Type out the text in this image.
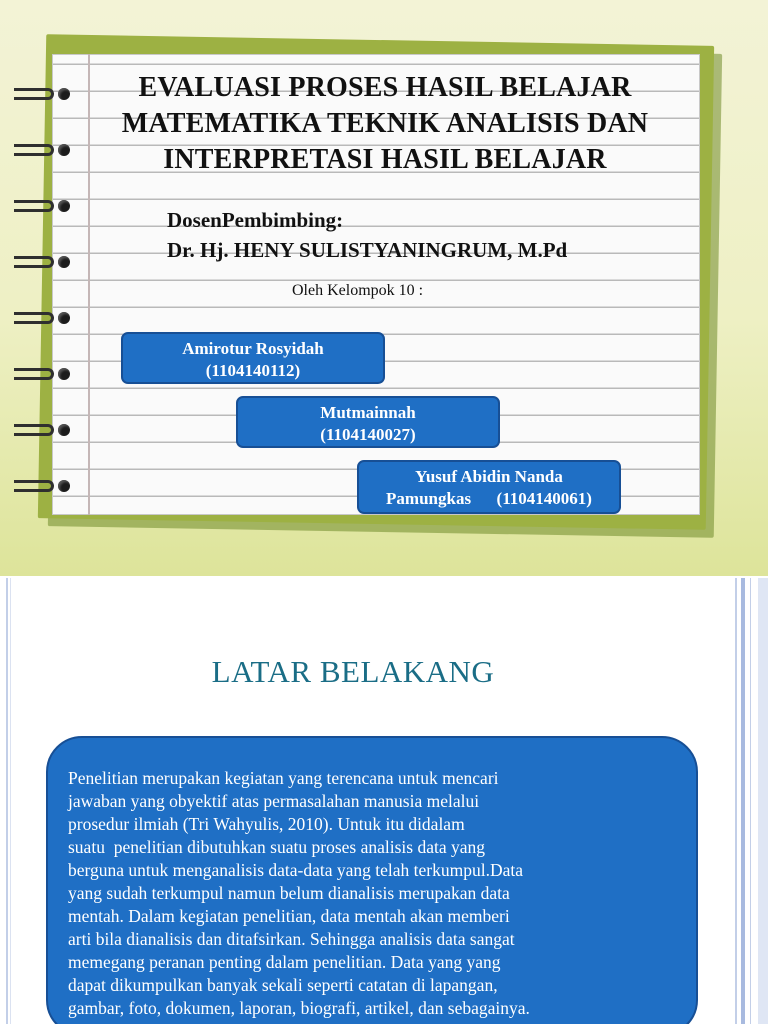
EVALUASI PROSES HASIL BELAJAR
MATEMATIKA TEKNIK ANALISIS DAN
INTERPRETASI HASIL BELAJAR
DosenPembimbing:
Dr. Hj. HENY SULISTYANINGRUM, M.Pd
Oleh Kelompok 10 :
Amirotur Rosyidah
(1104140112)
Mutmainnah
(1104140027)
Yusuf Abidin Nanda
Pamungkas      (1104140061)
LATAR BELAKANG
Penelitian merupakan kegiatan yang terencana untuk mencari
jawaban yang obyektif atas permasalahan manusia melalui
prosedur ilmiah (Tri Wahyulis, 2010). Untuk itu didalam
suatu  penelitian dibutuhkan suatu proses analisis data yang
berguna untuk menganalisis data-data yang telah terkumpul.Data
yang sudah terkumpul namun belum dianalisis merupakan data
mentah. Dalam kegiatan penelitian, data mentah akan memberi
arti bila dianalisis dan ditafsirkan. Sehingga analisis data sangat
memegang peranan penting dalam penelitian. Data yang yang
dapat dikumpulkan banyak sekali seperti catatan di lapangan,
gambar, foto, dokumen, laporan, biografi, artikel, dan sebagainya.
